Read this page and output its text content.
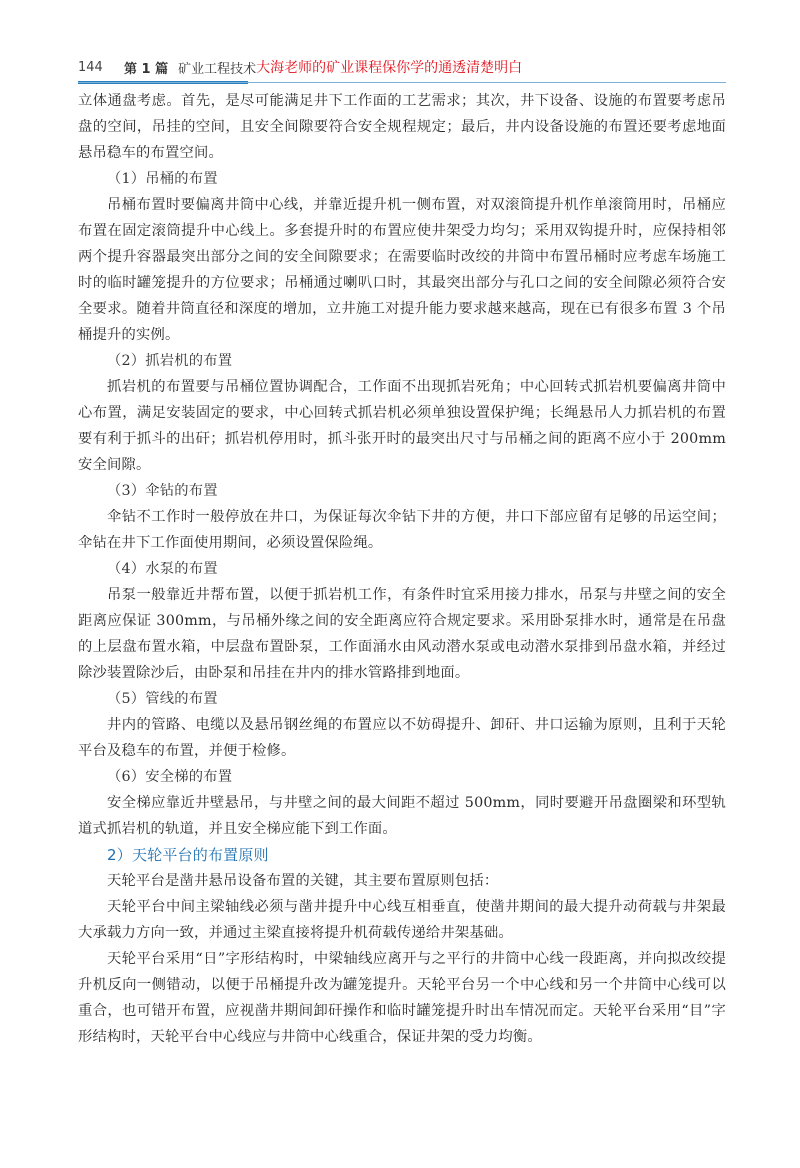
144	第 1 篇 矿业工程技术 大海老师的矿业课程保你学的通透清楚明白

立体通盘考虑。首先，是尽可能满足井下工作面的工艺需求；其次，井下设备、设施的布置要考虑吊盘的空间，吊挂的空间，且安全间隙要符合安全规程规定；最后，井内设备设施的布置还要考虑地面悬吊稳车的布置空间。

（1）吊桶的布置

吊桶布置时要偏离井筒中心线，并靠近提升机一侧布置，对双滚筒提升机作单滚筒用时，吊桶应布置在固定滚筒提升中心线上。多套提升时的布置应使井架受力均匀；采用双钩提升时，应保持相邻两个提升容器最突出部分之间的安全间隙要求；在需要临时改绞的井筒中布置吊桶时应考虑车场施工时的临时罐笼提升的方位要求；吊桶通过喇叭口时，其最突出部分与孔口之间的安全间隙必须符合安全要求。随着井筒直径和深度的增加，立井施工对提升能力要求越来越高，现在已有很多布置 3 个吊桶提升的实例。

（2）抓岩机的布置

抓岩机的布置要与吊桶位置协调配合，工作面不出现抓岩死角；中心回转式抓岩机要偏离井筒中心布置，满足安装固定的要求，中心回转式抓岩机必须单独设置保护绳；长绳悬吊人力抓岩机的布置要有利于抓斗的出矸；抓岩机停用时，抓斗张开时的最突出尺寸与吊桶之间的距离不应小于 200mm 安全间隙。

（3）伞钻的布置

伞钻不工作时一般停放在井口，为保证每次伞钻下井的方便，井口下部应留有足够的吊运空间；伞钻在井下工作面使用期间，必须设置保险绳。

（4）水泵的布置

吊泵一般靠近井帮布置，以便于抓岩机工作，有条件时宜采用接力排水，吊泵与井壁之间的安全距离应保证 300mm，与吊桶外缘之间的安全距离应符合规定要求。采用卧泵排水时，通常是在吊盘的上层盘布置水箱，中层盘布置卧泵，工作面涌水由风动潜水泵或电动潜水泵排到吊盘水箱，并经过除沙装置除沙后，由卧泵和吊挂在井内的排水管路排到地面。

（5）管线的布置

井内的管路、电缆以及悬吊钢丝绳的布置应以不妨碍提升、卸矸、井口运输为原则，且利于天轮平台及稳车的布置，并便于检修。

（6）安全梯的布置

安全梯应靠近井壁悬吊，与井壁之间的最大间距不超过 500mm，同时要避开吊盘圈梁和环型轨道式抓岩机的轨道，并且安全梯应能下到工作面。

2）天轮平台的布置原则

天轮平台是凿井悬吊设备布置的关键，其主要布置原则包括：

天轮平台中间主梁轴线必须与凿井提升中心线互相垂直，使凿井期间的最大提升动荷载与井架最大承载力方向一致，并通过主梁直接将提升机荷载传递给井架基础。

天轮平台采用“日”字形结构时，中梁轴线应离开与之平行的井筒中心线一段距离，并向拟改绞提升机反向一侧错动，以便于吊桶提升改为罐笼提升。天轮平台另一个中心线和另一个井筒中心线可以重合，也可错开布置，应视凿井期间卸矸操作和临时罐笼提升时出车情况而定。天轮平台采用“目”字形结构时，天轮平台中心线应与井筒中心线重合，保证井架的受力均衡。
